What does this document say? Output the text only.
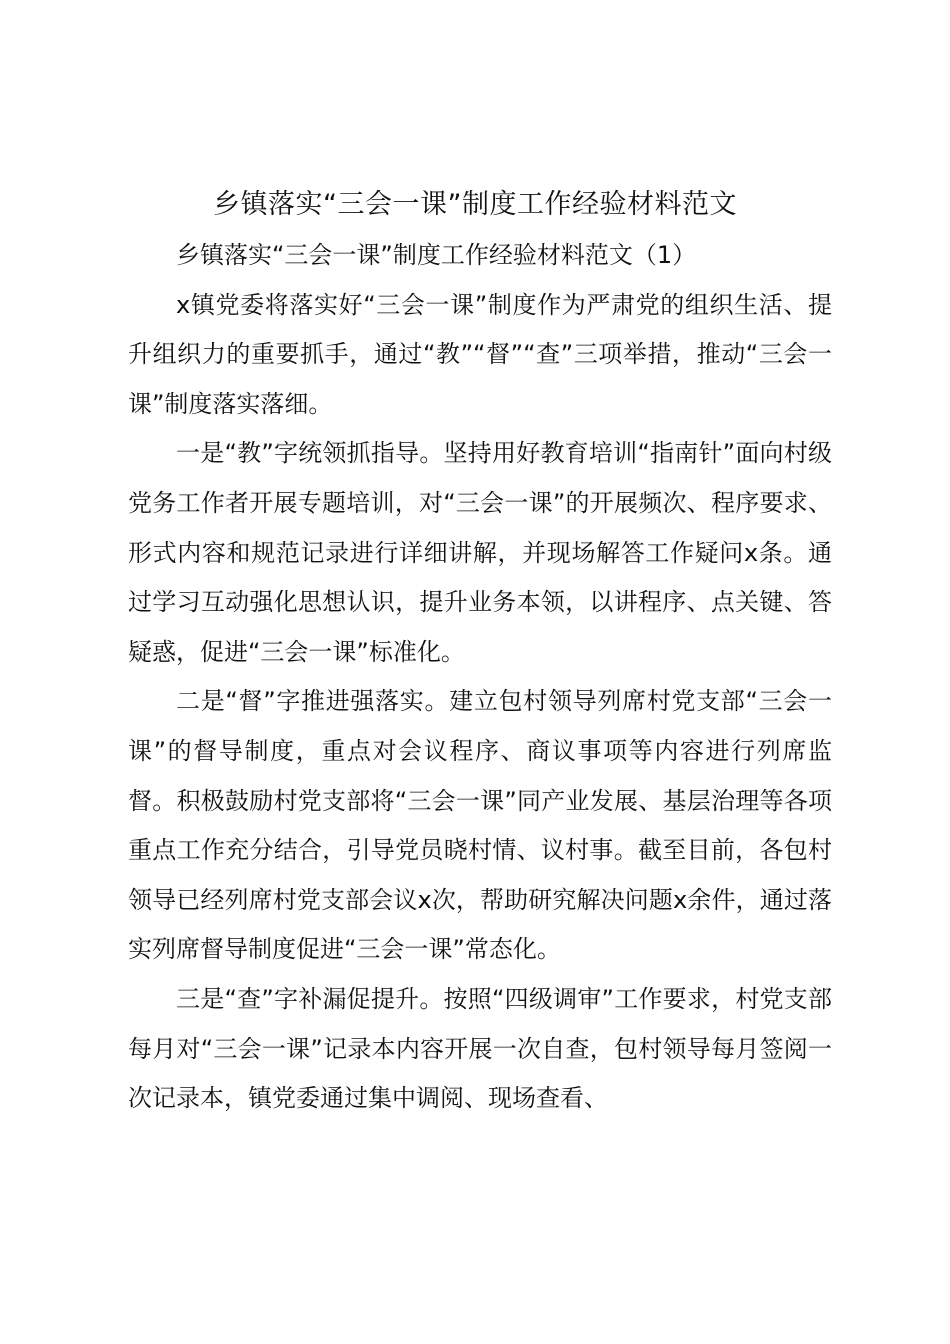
乡镇落实“三会一课”制度工作经验材料范文

乡镇落实“三会一课”制度工作经验材料范文（1）

x镇党委将落实好“三会一课”制度作为严肃党的组织生活、提升组织力的重要抓手，通过“教”“督”“查”三项举措，推动“三会一课”制度落实落细。

一是“教”字统领抓指导。坚持用好教育培训“指南针”面向村级党务工作者开展专题培训，对“三会一课”的开展频次、程序要求、形式内容和规范记录进行详细讲解，并现场解答工作疑问x条。通过学习互动强化思想认识，提升业务本领，以讲程序、点关键、答疑惑，促进“三会一课”标准化。

二是“督”字推进强落实。建立包村领导列席村党支部“三会一课”的督导制度，重点对会议程序、商议事项等内容进行列席监督。积极鼓励村党支部将“三会一课”同产业发展、基层治理等各项重点工作充分结合，引导党员晓村情、议村事。截至目前，各包村领导已经列席村党支部会议x次，帮助研究解决问题x余件，通过落实列席督导制度促进“三会一课”常态化。

三是“查”字补漏促提升。按照“四级调审”工作要求，村党支部每月对“三会一课”记录本内容开展一次自查，包村领导每月签阅一次记录本，镇党委通过集中调阅、现场查看、
